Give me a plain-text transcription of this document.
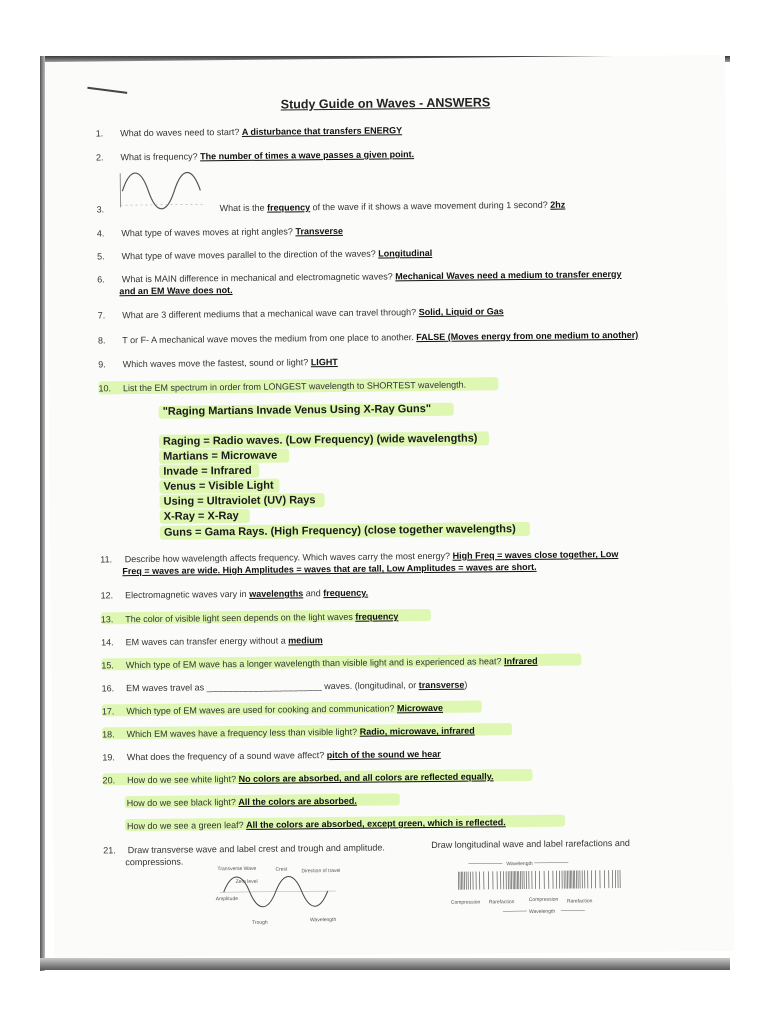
Study Guide on Waves - ANSWERS
1. What do waves need to start? A disturbance that transfers ENERGY
2. What is frequency? The number of times a wave passes a given point.
3.	What is the frequency of the wave if it shows a wave movement during 1 second? 2hz
4. What type of waves moves at right angles? Transverse
5. What type of wave moves parallel to the direction of the waves? Longitudinal
6. What is MAIN difference in mechanical and electromagnetic waves? Mechanical Waves need a medium to transfer energy
and an EM Wave does not.
7. What are 3 different mediums that a mechanical wave can travel through? Solid, Liquid or Gas
8. T or F- A mechanical wave moves the medium from one place to another. FALSE (Moves energy from one medium to another)
9. Which waves move the fastest, sound or light? LIGHT
10. List the EM spectrum in order from LONGEST wavelength to SHORTEST wavelength.
"Raging Martians Invade Venus Using X-Ray Guns"
Raging = Radio waves. (Low Frequency) (wide wavelengths)
Martians = Microwave
Invade = Infrared
Venus = Visible Light
Using = Ultraviolet (UV) Rays
X-Ray = X-Ray
Guns = Gama Rays. (High Frequency) (close together wavelengths)
11. Describe how wavelength affects frequency. Which waves carry the most energy? High Freq = waves close together, Low
Freq = waves are wide. High Amplitudes = waves that are tall, Low Amplitudes = waves are short.
12. Electromagnetic waves vary in wavelengths and frequency.
13. The color of visible light seen depends on the light waves frequency
14. EM waves can transfer energy without a medium
15. Which type of EM wave has a longer wavelength than visible light and is experienced as heat? Infrared
16. EM waves travel as _______________________ waves. (longitudinal, or transverse)
17. Which type of EM waves are used for cooking and communication? Microwave
18. Which EM waves have a frequency less than visible light? Radio, microwave, infrared
19. What does the frequency of a sound wave affect? pitch of the sound we hear
20. How do we see white light? No colors are absorbed, and all colors are reflected equally.
How do we see black light? All the colors are absorbed.
How do we see a green leaf? All the colors are absorbed, except green, which is reflected.
21. Draw transverse wave and label crest and trough and amplitude.
compressions.
Draw longitudinal wave and label rarefactions and
Transverse Wave	Crest	Direction of travel
Zero level
Amplitude
Trough	Wavelength
Wavelength
Compression Rarefaction	Compression Rarefaction
Wavelength
